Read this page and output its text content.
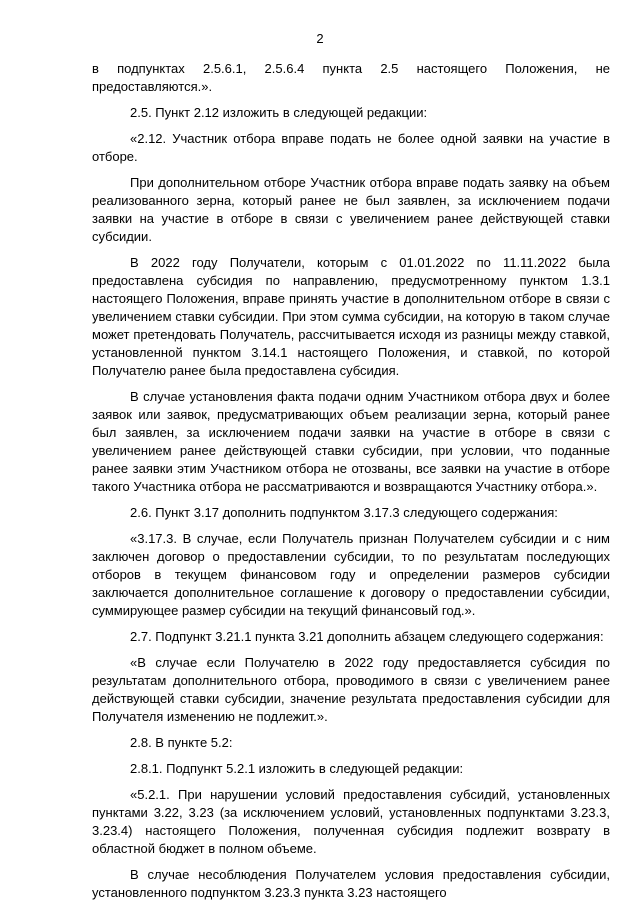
2

в подпунктах 2.5.6.1, 2.5.6.4 пункта 2.5 настоящего Положения, не предоставляются.».

2.5. Пункт 2.12 изложить в следующей редакции:

«2.12. Участник отбора вправе подать не более одной заявки на участие в отборе.

При дополнительном отборе Участник отбора вправе подать заявку на объем реализованного зерна, который ранее не был заявлен, за исключением подачи заявки на участие в отборе в связи с увеличением ранее действующей ставки субсидии.

В 2022 году Получатели, которым с 01.01.2022 по 11.11.2022 была предоставлена субсидия по направлению, предусмотренному пунктом 1.3.1 настоящего Положения, вправе принять участие в дополнительном отборе в связи с увеличением ставки субсидии. При этом сумма субсидии, на которую в таком случае может претендовать Получатель, рассчитывается исходя из разницы между ставкой, установленной пунктом 3.14.1 настоящего Положения, и ставкой, по которой Получателю ранее была предоставлена субсидия.

В случае установления факта подачи одним Участником отбора двух и более заявок или заявок, предусматривающих объем реализации зерна, который ранее был заявлен, за исключением подачи заявки на участие в отборе в связи с увеличением ранее действующей ставки субсидии, при условии, что поданные ранее заявки этим Участником отбора не отозваны, все заявки на участие в отборе такого Участника отбора не рассматриваются и возвращаются Участнику отбора.».

2.6. Пункт 3.17 дополнить подпунктом 3.17.3 следующего содержания:

«3.17.3. В случае, если Получатель признан Получателем субсидии и с ним заключен договор о предоставлении субсидии, то по результатам последующих отборов в текущем финансовом году и определении размеров субсидии заключается дополнительное соглашение к договору о предоставлении субсидии, суммирующее размер субсидии на текущий финансовый год.».

2.7. Подпункт 3.21.1 пункта 3.21 дополнить абзацем следующего содержания:

«В случае если Получателю в 2022 году предоставляется субсидия по результатам дополнительного отбора, проводимого в связи с увеличением ранее действующей ставки субсидии, значение результата предоставления субсидии для Получателя изменению не подлежит.».

2.8. В пункте 5.2:

2.8.1. Подпункт 5.2.1 изложить в следующей редакции:

«5.2.1. При нарушении условий предоставления субсидий, установленных пунктами 3.22, 3.23 (за исключением условий, установленных подпунктами 3.23.3, 3.23.4) настоящего Положения, полученная субсидия подлежит возврату в областной бюджет в полном объеме.

В случае несоблюдения Получателем условия предоставления субсидии, установленного подпунктом 3.23.3 пункта 3.23 настоящего
